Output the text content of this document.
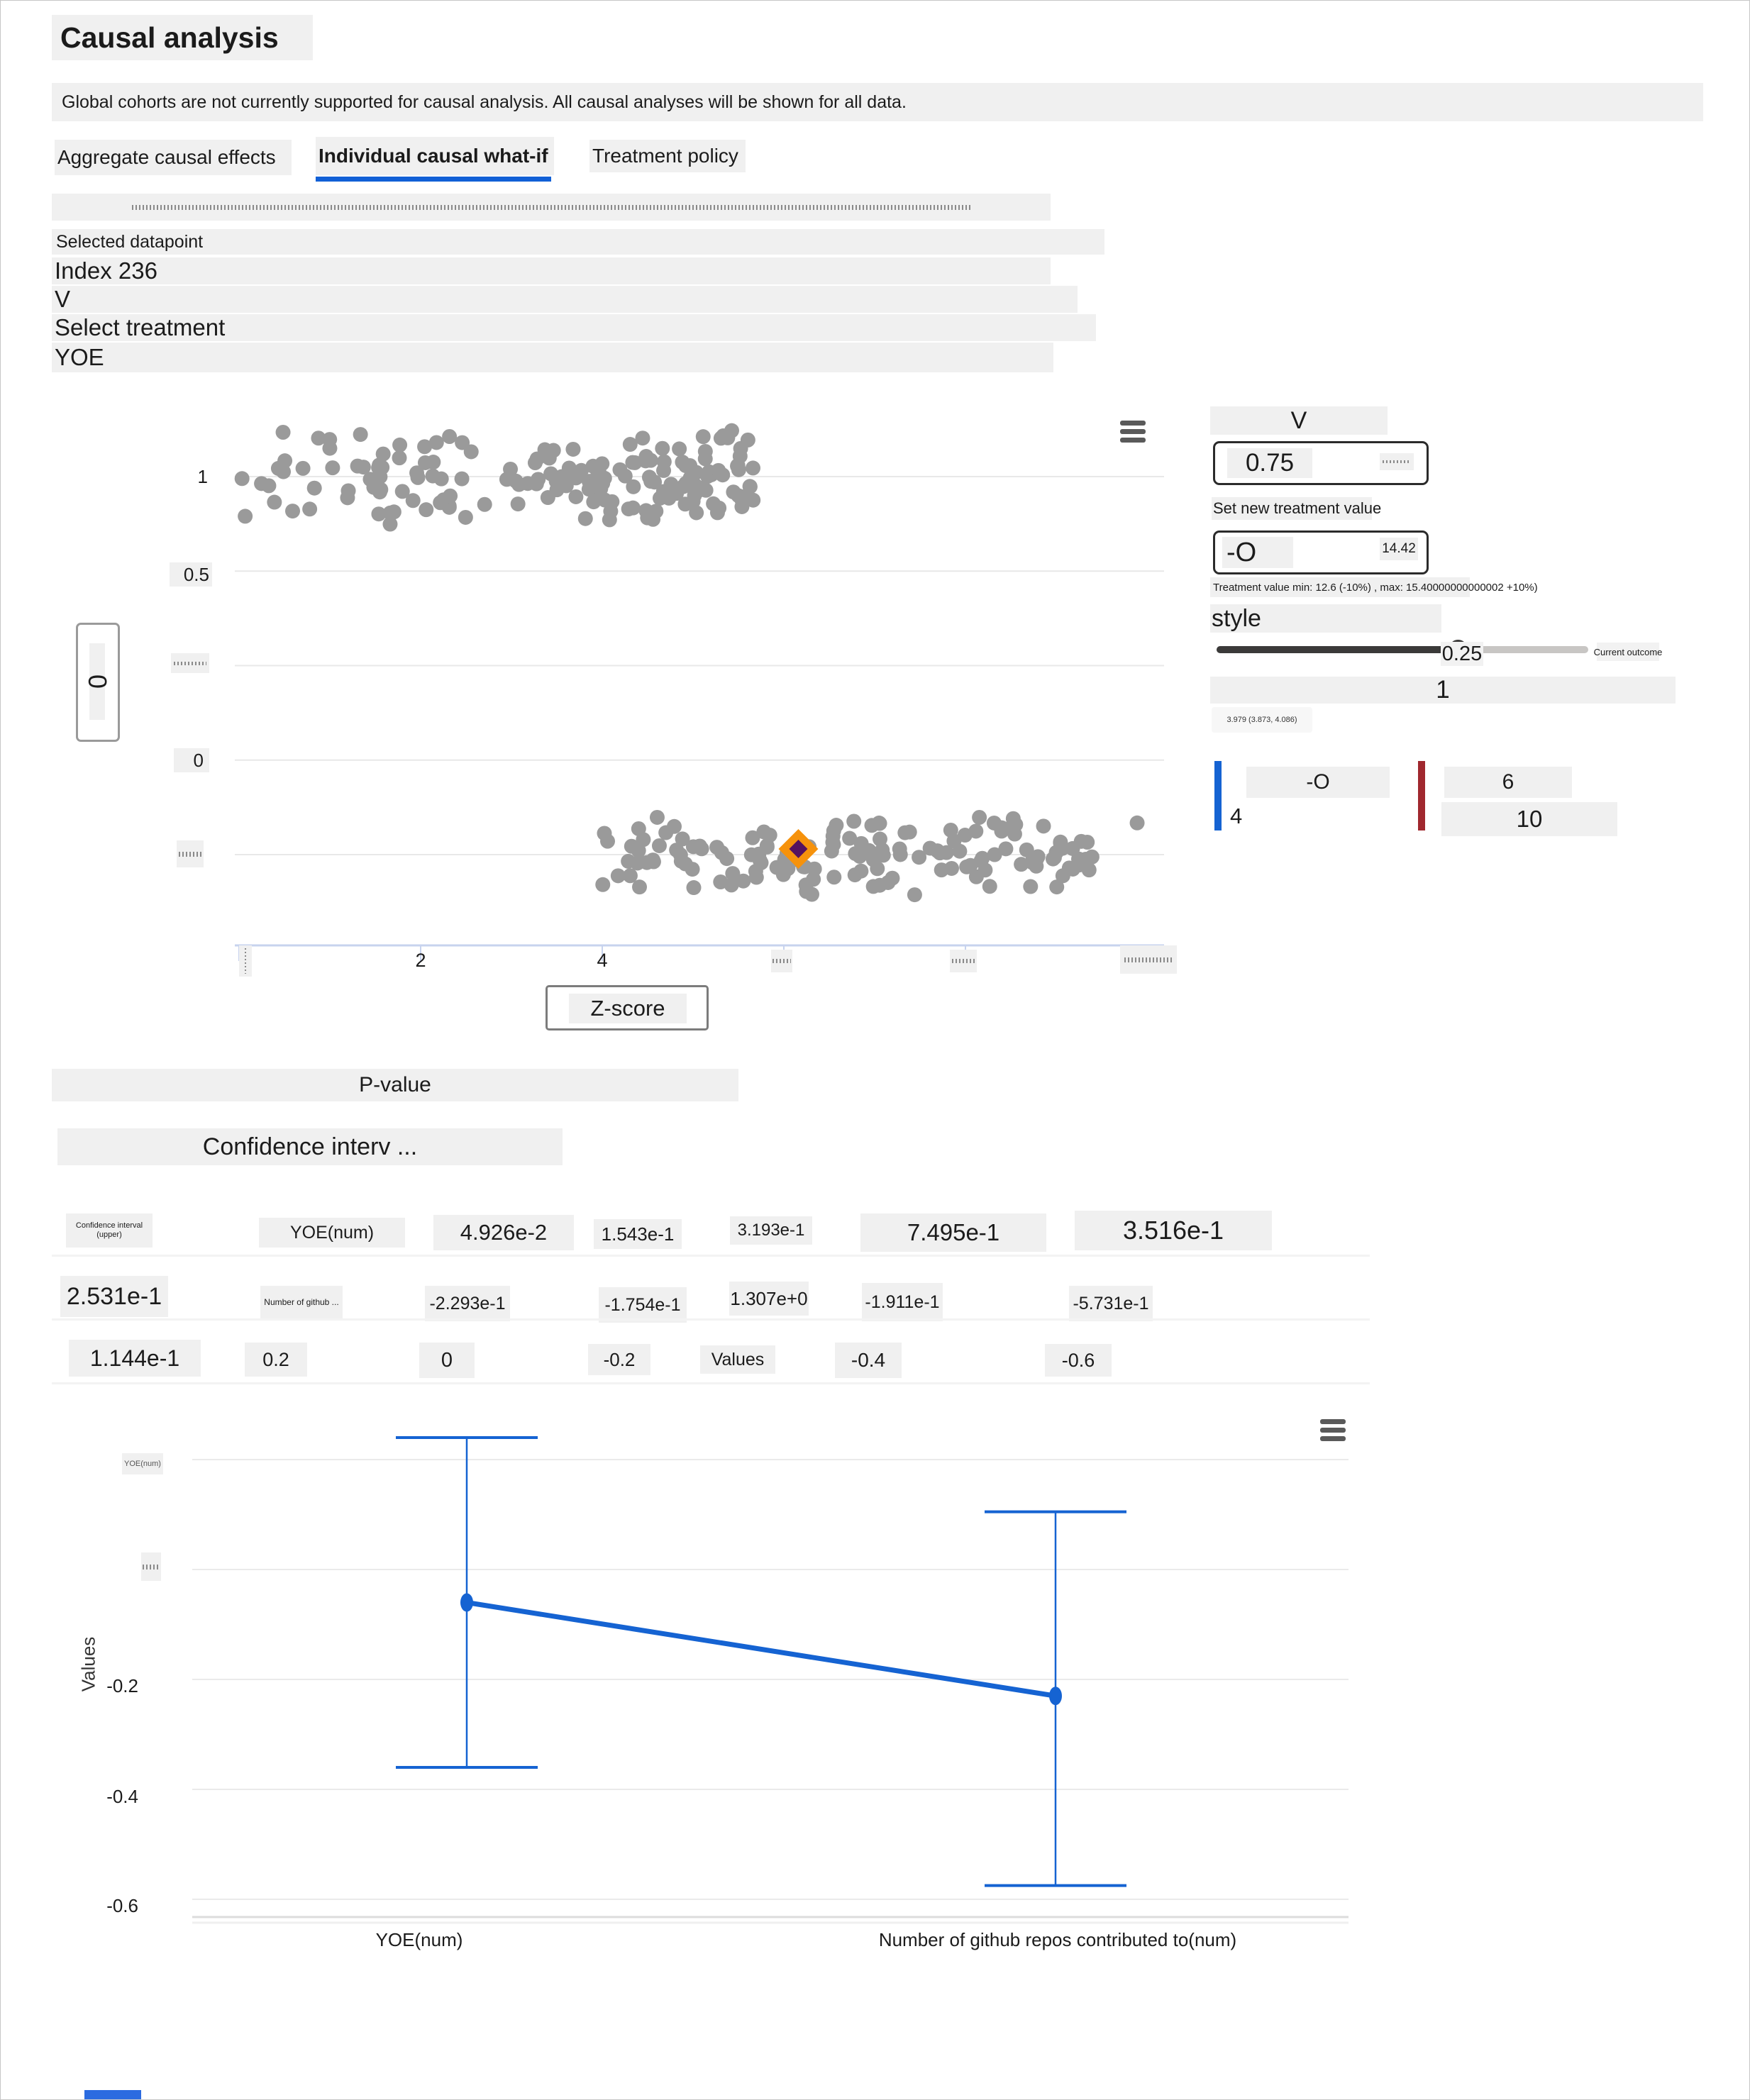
Causal analysis
Global cohorts are not currently supported for causal analysis. All causal analyses will be shown for all data.
Aggregate causal effects	Individual causal what-if Treatment policy
Selected datapoint
Index 236
V
Select treatment
YOE
1
0.5
0
0
2	4
Z-score
V
0.75
Set new treatment value
-O	14.42
Treatment value min: 12.6 (-10%) , max: 15.40000000000002 +10%)
style
0.25	Current outcome
1
3.979 (3.873, 4.086)
-O
4
6
10
P-value
Confidence interv ...
Confidence interval (upper)	YOE(num)	4.926e-2	1.543e-1	3.193e-1	7.495e-1	3.516e-1
2.531e-1	Number of github ...	-2.293e-1	-1.754e-1	1.307e+0	-1.911e-1	-5.731e-1
1.144e-1	0.2	0	-0.2	Values	-0.4	-0.6
YOE(num)
-0.2
-0.4
-0.6
Values
YOE(num)	Number of github repos contributed to(num)
